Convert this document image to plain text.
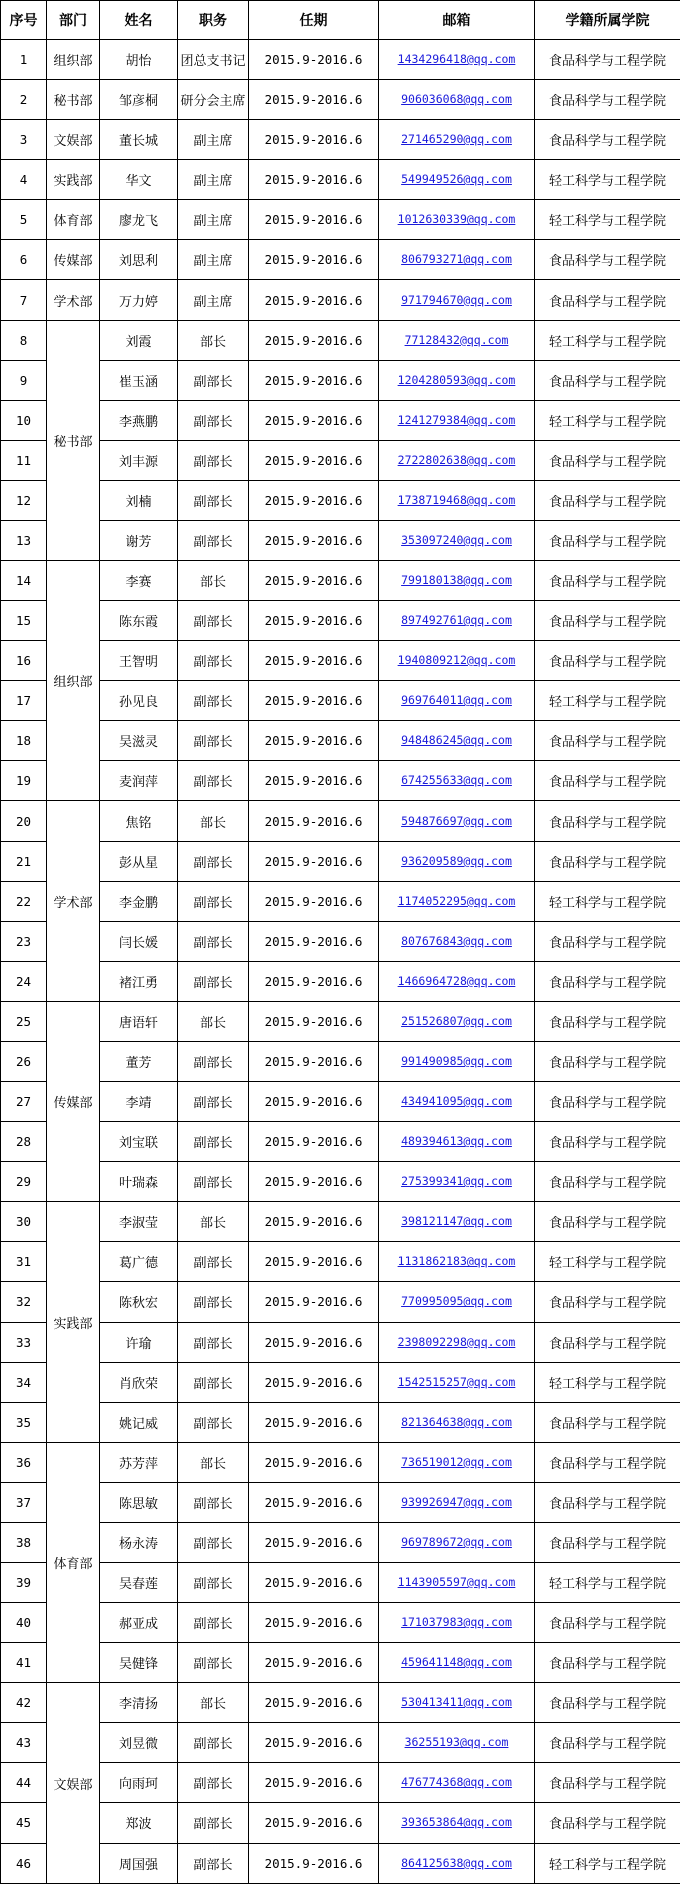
序号	部门	姓名	职务	任期	邮箱	学籍所属学院
1	组织部	胡怡	团总支书记	2015.9-2016.6	1434296418@qq.com	食品科学与工程学院
2	秘书部	邹彦桐	研分会主席	2015.9-2016.6	906036068@qq.com	食品科学与工程学院
3	文娱部	董长城	副主席	2015.9-2016.6	271465290@qq.com	食品科学与工程学院
4	实践部	华文	副主席	2015.9-2016.6	549949526@qq.com	轻工科学与工程学院
5	体育部	廖龙飞	副主席	2015.9-2016.6	1012630339@qq.com	轻工科学与工程学院
6	传媒部	刘思利	副主席	2015.9-2016.6	806793271@qq.com	食品科学与工程学院
7	学术部	万力婷	副主席	2015.9-2016.6	971794670@qq.com	食品科学与工程学院
8	秘书部	刘霞	部长	2015.9-2016.6	77128432@qq.com	轻工科学与工程学院
9		崔玉涵	副部长	2015.9-2016.6	1204280593@qq.com	食品科学与工程学院
10		李燕鹏	副部长	2015.9-2016.6	1241279384@qq.com	轻工科学与工程学院
11		刘丰源	副部长	2015.9-2016.6	2722802638@qq.com	食品科学与工程学院
12		刘楠	副部长	2015.9-2016.6	1738719468@qq.com	食品科学与工程学院
13		谢芳	副部长	2015.9-2016.6	353097240@qq.com	食品科学与工程学院
14	组织部	李赛	部长	2015.9-2016.6	799180138@qq.com	食品科学与工程学院
15		陈东霞	副部长	2015.9-2016.6	897492761@qq.com	食品科学与工程学院
16		王智明	副部长	2015.9-2016.6	1940809212@qq.com	食品科学与工程学院
17		孙见良	副部长	2015.9-2016.6	969764011@qq.com	轻工科学与工程学院
18		吴滋灵	副部长	2015.9-2016.6	948486245@qq.com	食品科学与工程学院
19		麦润萍	副部长	2015.9-2016.6	674255633@qq.com	食品科学与工程学院
20	学术部	焦铭	部长	2015.9-2016.6	594876697@qq.com	食品科学与工程学院
21		彭从星	副部长	2015.9-2016.6	936209589@qq.com	食品科学与工程学院
22		李金鹏	副部长	2015.9-2016.6	1174052295@qq.com	轻工科学与工程学院
23		闫长媛	副部长	2015.9-2016.6	807676843@qq.com	食品科学与工程学院
24		褚江勇	副部长	2015.9-2016.6	1466964728@qq.com	食品科学与工程学院
25	传媒部	唐语轩	部长	2015.9-2016.6	251526807@qq.com	食品科学与工程学院
26		董芳	副部长	2015.9-2016.6	991490985@qq.com	食品科学与工程学院
27		李靖	副部长	2015.9-2016.6	434941095@qq.com	食品科学与工程学院
28		刘宝联	副部长	2015.9-2016.6	489394613@qq.com	食品科学与工程学院
29		叶瑞森	副部长	2015.9-2016.6	275399341@qq.com	食品科学与工程学院
30	实践部	李淑莹	部长	2015.9-2016.6	398121147@qq.com	食品科学与工程学院
31		葛广德	副部长	2015.9-2016.6	1131862183@qq.com	轻工科学与工程学院
32		陈秋宏	副部长	2015.9-2016.6	770995095@qq.com	食品科学与工程学院
33		许瑜	副部长	2015.9-2016.6	2398092298@qq.com	食品科学与工程学院
34		肖欣荣	副部长	2015.9-2016.6	1542515257@qq.com	轻工科学与工程学院
35		姚记威	副部长	2015.9-2016.6	821364638@qq.com	食品科学与工程学院
36	体育部	苏芳萍	部长	2015.9-2016.6	736519012@qq.com	食品科学与工程学院
37		陈思敏	副部长	2015.9-2016.6	939926947@qq.com	食品科学与工程学院
38		杨永涛	副部长	2015.9-2016.6	969789672@qq.com	食品科学与工程学院
39		吴春莲	副部长	2015.9-2016.6	1143905597@qq.com	轻工科学与工程学院
40		郝亚成	副部长	2015.9-2016.6	171037983@qq.com	食品科学与工程学院
41		吴健锋	副部长	2015.9-2016.6	459641148@qq.com	食品科学与工程学院
42	文娱部	李清扬	部长	2015.9-2016.6	530413411@qq.com	食品科学与工程学院
43		刘昱微	副部长	2015.9-2016.6	36255193@qq.com	食品科学与工程学院
44		向雨珂	副部长	2015.9-2016.6	476774368@qq.com	食品科学与工程学院
45		郑波	副部长	2015.9-2016.6	393653864@qq.com	食品科学与工程学院
46		周国强	副部长	2015.9-2016.6	864125638@qq.com	轻工科学与工程学院
